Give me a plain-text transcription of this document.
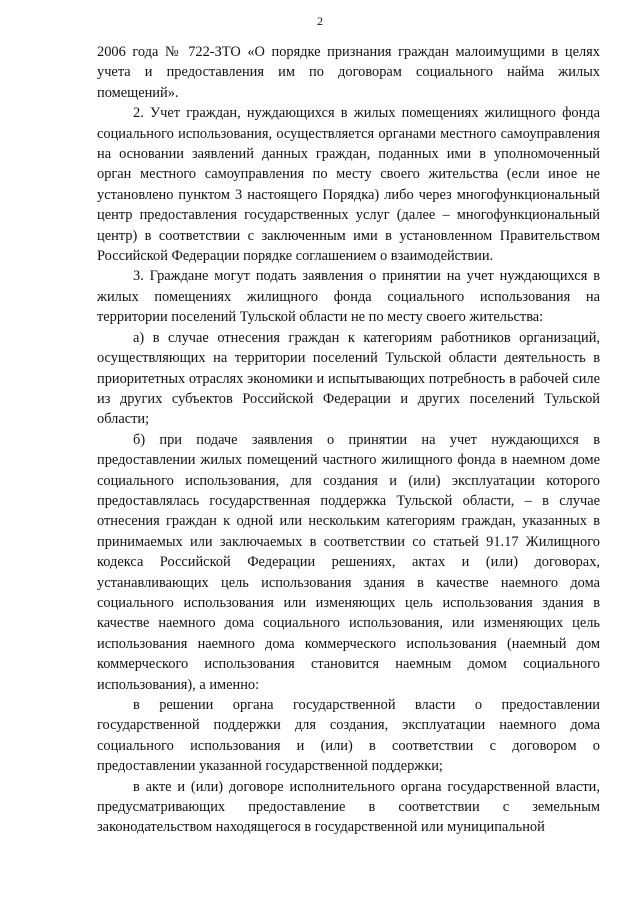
2

2006 года № 722-ЗТО «О порядке признания граждан малоимущими в целях учета и предоставления им по договорам социального найма жилых помещений».

2. Учет граждан, нуждающихся в жилых помещениях жилищного фонда социального использования, осуществляется органами местного самоуправления на основании заявлений данных граждан, поданных ими в уполномоченный орган местного самоуправления по месту своего жительства (если иное не установлено пунктом 3 настоящего Порядка) либо через многофункциональный центр предоставления государственных услуг (далее – многофункциональный центр) в соответствии с заключенным ими в установленном Правительством Российской Федерации порядке соглашением о взаимодействии.

3. Граждане могут подать заявления о принятии на учет нуждающихся в жилых помещениях жилищного фонда социального использования на территории поселений Тульской области не по месту своего жительства:

а) в случае отнесения граждан к категориям работников организаций, осуществляющих на территории поселений Тульской области деятельность в приоритетных отраслях экономики и испытывающих потребность в рабочей силе из других субъектов Российской Федерации и других поселений Тульской области;

б) при подаче заявления о принятии на учет нуждающихся в предоставлении жилых помещений частного жилищного фонда в наемном доме социального использования, для создания и (или) эксплуатации которого предоставлялась государственная поддержка Тульской области, – в случае отнесения граждан к одной или нескольким категориям граждан, указанных в принимаемых или заключаемых в соответствии со статьей 91.17 Жилищного кодекса Российской Федерации решениях, актах и (или) договорах, устанавливающих цель использования здания в качестве наемного дома социального использования или изменяющих цель использования здания в качестве наемного дома социального использования, или изменяющих цель использования наемного дома коммерческого использования (наемный дом коммерческого использования становится наемным домом социального использования), а именно:

в решении органа государственной власти о предоставлении государственной поддержки для создания, эксплуатации наемного дома социального использования и (или) в соответствии с договором о предоставлении указанной государственной поддержки;

в акте и (или) договоре исполнительного органа государственной власти, предусматривающих предоставление в соответствии с земельным законодательством находящегося в государственной или муниципальной
